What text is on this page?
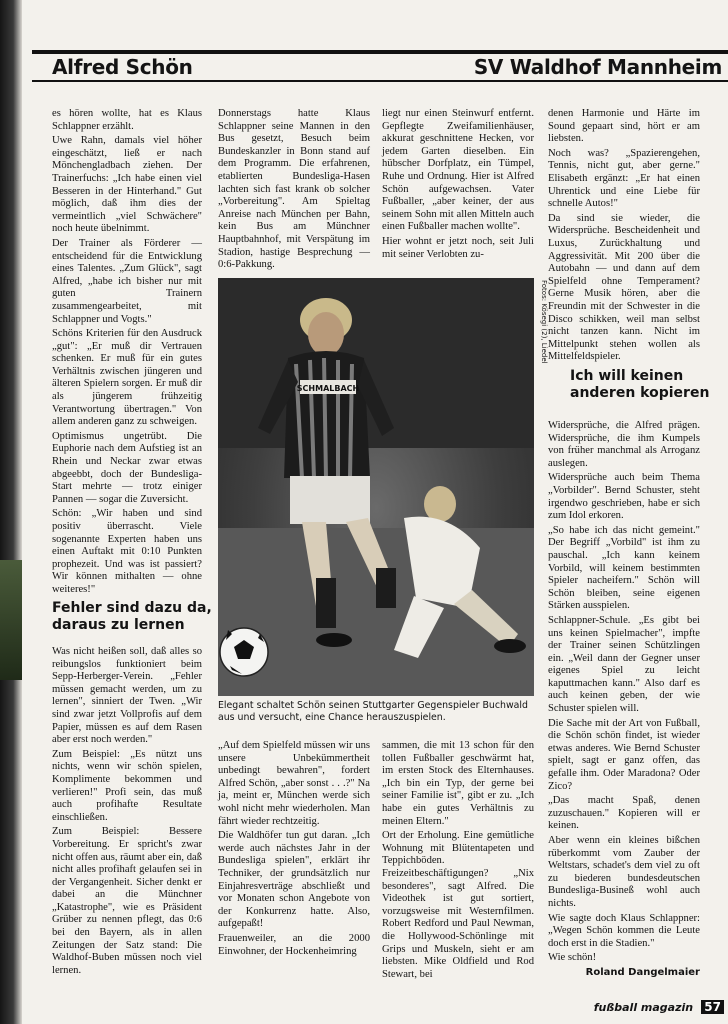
Alfred Schön	SV Waldhof Mannheim

es hören wollte, hat es Klaus Schlappner erzählt.

Uwe Rahn, damals viel höher eingeschätzt, ließ er nach Mönchengladbach ziehen. Der Trainerfuchs: „Ich habe einen viel Besseren in der Hinterhand." Gut möglich, daß ihm dies der vermeintlich „viel Schwächere" noch heute übelnimmt.

Der Trainer als Förderer — entscheidend für die Entwicklung eines Talentes. „Zum Glück", sagt Alfred, „habe ich bisher nur mit guten Trainern zusammengearbeitet, mit Schlappner und Vogts."

Schöns Kriterien für den Ausdruck „gut": „Er muß dir Vertrauen schenken. Er muß für ein gutes Verhältnis zwischen jüngeren und älteren Spielern sorgen. Er muß dir als jüngerem frühzeitig Verantwortung übertragen." Von allem anderen ganz zu schweigen.

Optimismus ungetrübt. Die Euphorie nach dem Aufstieg ist an Rhein und Neckar zwar etwas abgeebbt, doch der Bundesliga-Start mehrte — trotz einiger Pannen — sogar die Zuversicht.

Schön: „Wir haben und sind positiv überrascht. Viele sogenannte Experten haben uns einen Auftakt mit 0:10 Punkten prophezeit. Und was ist passiert? Wir können mithalten — ohne weiteres!"

Fehler sind dazu da, daraus zu lernen

Was nicht heißen soll, daß alles so reibungslos funktioniert beim Sepp-Herberger-Verein. „Fehler müssen gemacht werden, um zu lernen", sinniert der Twen. „Wir sind zwar jetzt Vollprofis auf dem Papier, müssen es auf dem Rasen aber erst noch werden."

Zum Beispiel: „Es nützt uns nichts, wenn wir schön spielen, Komplimente bekommen und verlieren!" Profi sein, das muß auch profihafte Resultate einschließen.

Zum Beispiel: Bessere Vorbereitung. Er spricht's zwar nicht offen aus, räumt aber ein, daß nicht alles profihaft gelaufen sei in der Vergangenheit. Sicher denkt er dabei an die Münchner „Katastrophe", wie es Präsident Grüber zu nennen pflegt, das 0:6 bei den Bayern, als in allen Zeitungen der Satz stand: Die Waldhof-Buben müssen noch viel lernen.

Donnerstags hatte Klaus Schlappner seine Mannen in den Bus gesetzt, Besuch beim Bundeskanzler in Bonn stand auf dem Programm. Die erfahrenen, etablierten Bundesliga-Hasen lachten sich fast krank ob solcher „Vorbereitung". Am Spieltag Anreise nach München per Bahn, kein Bus am Münchner Hauptbahnhof, mit Verspätung im Stadion, hastige Besprechung — 0:6-Pakkung.

liegt nur einen Steinwurf entfernt. Gepflegte Zweifamilienhäuser, akkurat geschnittene Hecken, vor jedem Garten dieselben. Ein hübscher Dorfplatz, ein Tümpel, Ruhe und Ordnung. Hier ist Alfred Schön aufgewachsen. Vater Fußballer, „aber keiner, der aus seinem Sohn mit allen Mitteln auch einen Fußballer machen wollte".

Hier wohnt er jetzt noch, seit Juli mit seiner Verlobten zu-

denen Harmonie und Härte im Sound gepaart sind, hört er am liebsten.

Noch was? „Spazierengehen, Tennis, nicht gut, aber gerne." Elisabeth ergänzt: „Er hat einen Uhrentick und eine Liebe für schnelle Autos!"

Da sind sie wieder, die Widersprüche. Bescheidenheit und Luxus, Zurückhaltung und Aggressivität. Mit 200 über die Autobahn — und dann auf dem Spielfeld ohne Temperament? Gerne Musik hören, aber die Freundin mit der Schwester in die Disco schikken, weil man selbst nicht tanzen kann. Nicht im Mittelpunkt stehen wollen als Mittelfeldspieler.

Ich will keinen anderen kopieren

Widersprüche, die Alfred prägen. Widersprüche, die ihm Kumpels von früher manchmal als Arroganz auslegen.

Widersprüche auch beim Thema „Vorbilder". Bernd Schuster, steht irgendwo geschrieben, habe er sich zum Idol erkoren.

„So habe ich das nicht gemeint." Der Begriff „Vorbild" ist ihm zu pauschal. „Ich kann keinem Vorbild, will keinem bestimmten Spieler nacheifern." Schön will Schön bleiben, seine eigenen Stärken ausspielen.

Schlappner-Schule. „Es gibt bei uns keinen Spielmacher", impfte der Trainer seinen Schützlingen ein. „Weil dann der Gegner unser eigenes Spiel zu leicht kaputtmachen kann." Also darf es auch keinen geben, der wie Schuster spielen will.

Die Sache mit der Art von Fußball, die Schön schön findet, ist wieder etwas anderes. Wie Bernd Schuster spielt, sagt er ganz offen, das gefalle ihm. Oder Maradona? Oder Zico?

„Das macht Spaß, denen zuzuschauen." Kopieren will er keinen.

Aber wenn ein kleines bißchen rüberkommt vom Zauber der Weltstars, schadet's dem viel zu oft zu biederen bundesdeutschen Bundesliga-Busineß wohl auch nichts.

Wie sagte doch Klaus Schlappner: „Wegen Schön kommen die Leute doch erst in die Stadien."

Wie schön!

Roland Dangelmaier

SCHMALBACH
Fotos: Kösegi (2), Liedel
Elegant schaltet Schön seinen Stuttgarter Gegenspieler Buchwald aus und versucht, eine Chance herauszuspielen.

„Auf dem Spielfeld müssen wir uns unsere Unbekümmertheit unbedingt bewahren", fordert Alfred Schön, „aber sonst . . .?" Na ja, meint er, München werde sich wohl nicht mehr wiederholen. Man fährt wieder rechtzeitig.

Die Waldhöfer tun gut daran. „Ich werde auch nächstes Jahr in der Bundesliga spielen", erklärt ihr Techniker, der grundsätzlich nur Einjahresverträge abschließt und vor Monaten schon Angebote von der Konkurrenz hatte. Also, aufgepaßt!

Frauenweiler, an die 2000 Einwohner, der Hockenheimring

sammen, die mit 13 schon für den tollen Fußballer geschwärmt hat, im ersten Stock des Elternhauses. „Ich bin ein Typ, der gerne bei seiner Familie ist", gibt er zu. „Ich habe ein gutes Verhältnis zu meinen Eltern."

Ort der Erholung. Eine gemütliche Wohnung mit Blütentapeten und Teppichböden. Freizeitbeschäftigungen? „Nix besonderes", sagt Alfred. Die Videothek ist gut sortiert, vorzugsweise mit Westernfilmen. Robert Redford und Paul Newman, die Hollywood-Schönlinge mit Grips und Muskeln, sieht er am liebsten. Mike Oldfield und Rod Stewart, bei

fußball magazin 57
